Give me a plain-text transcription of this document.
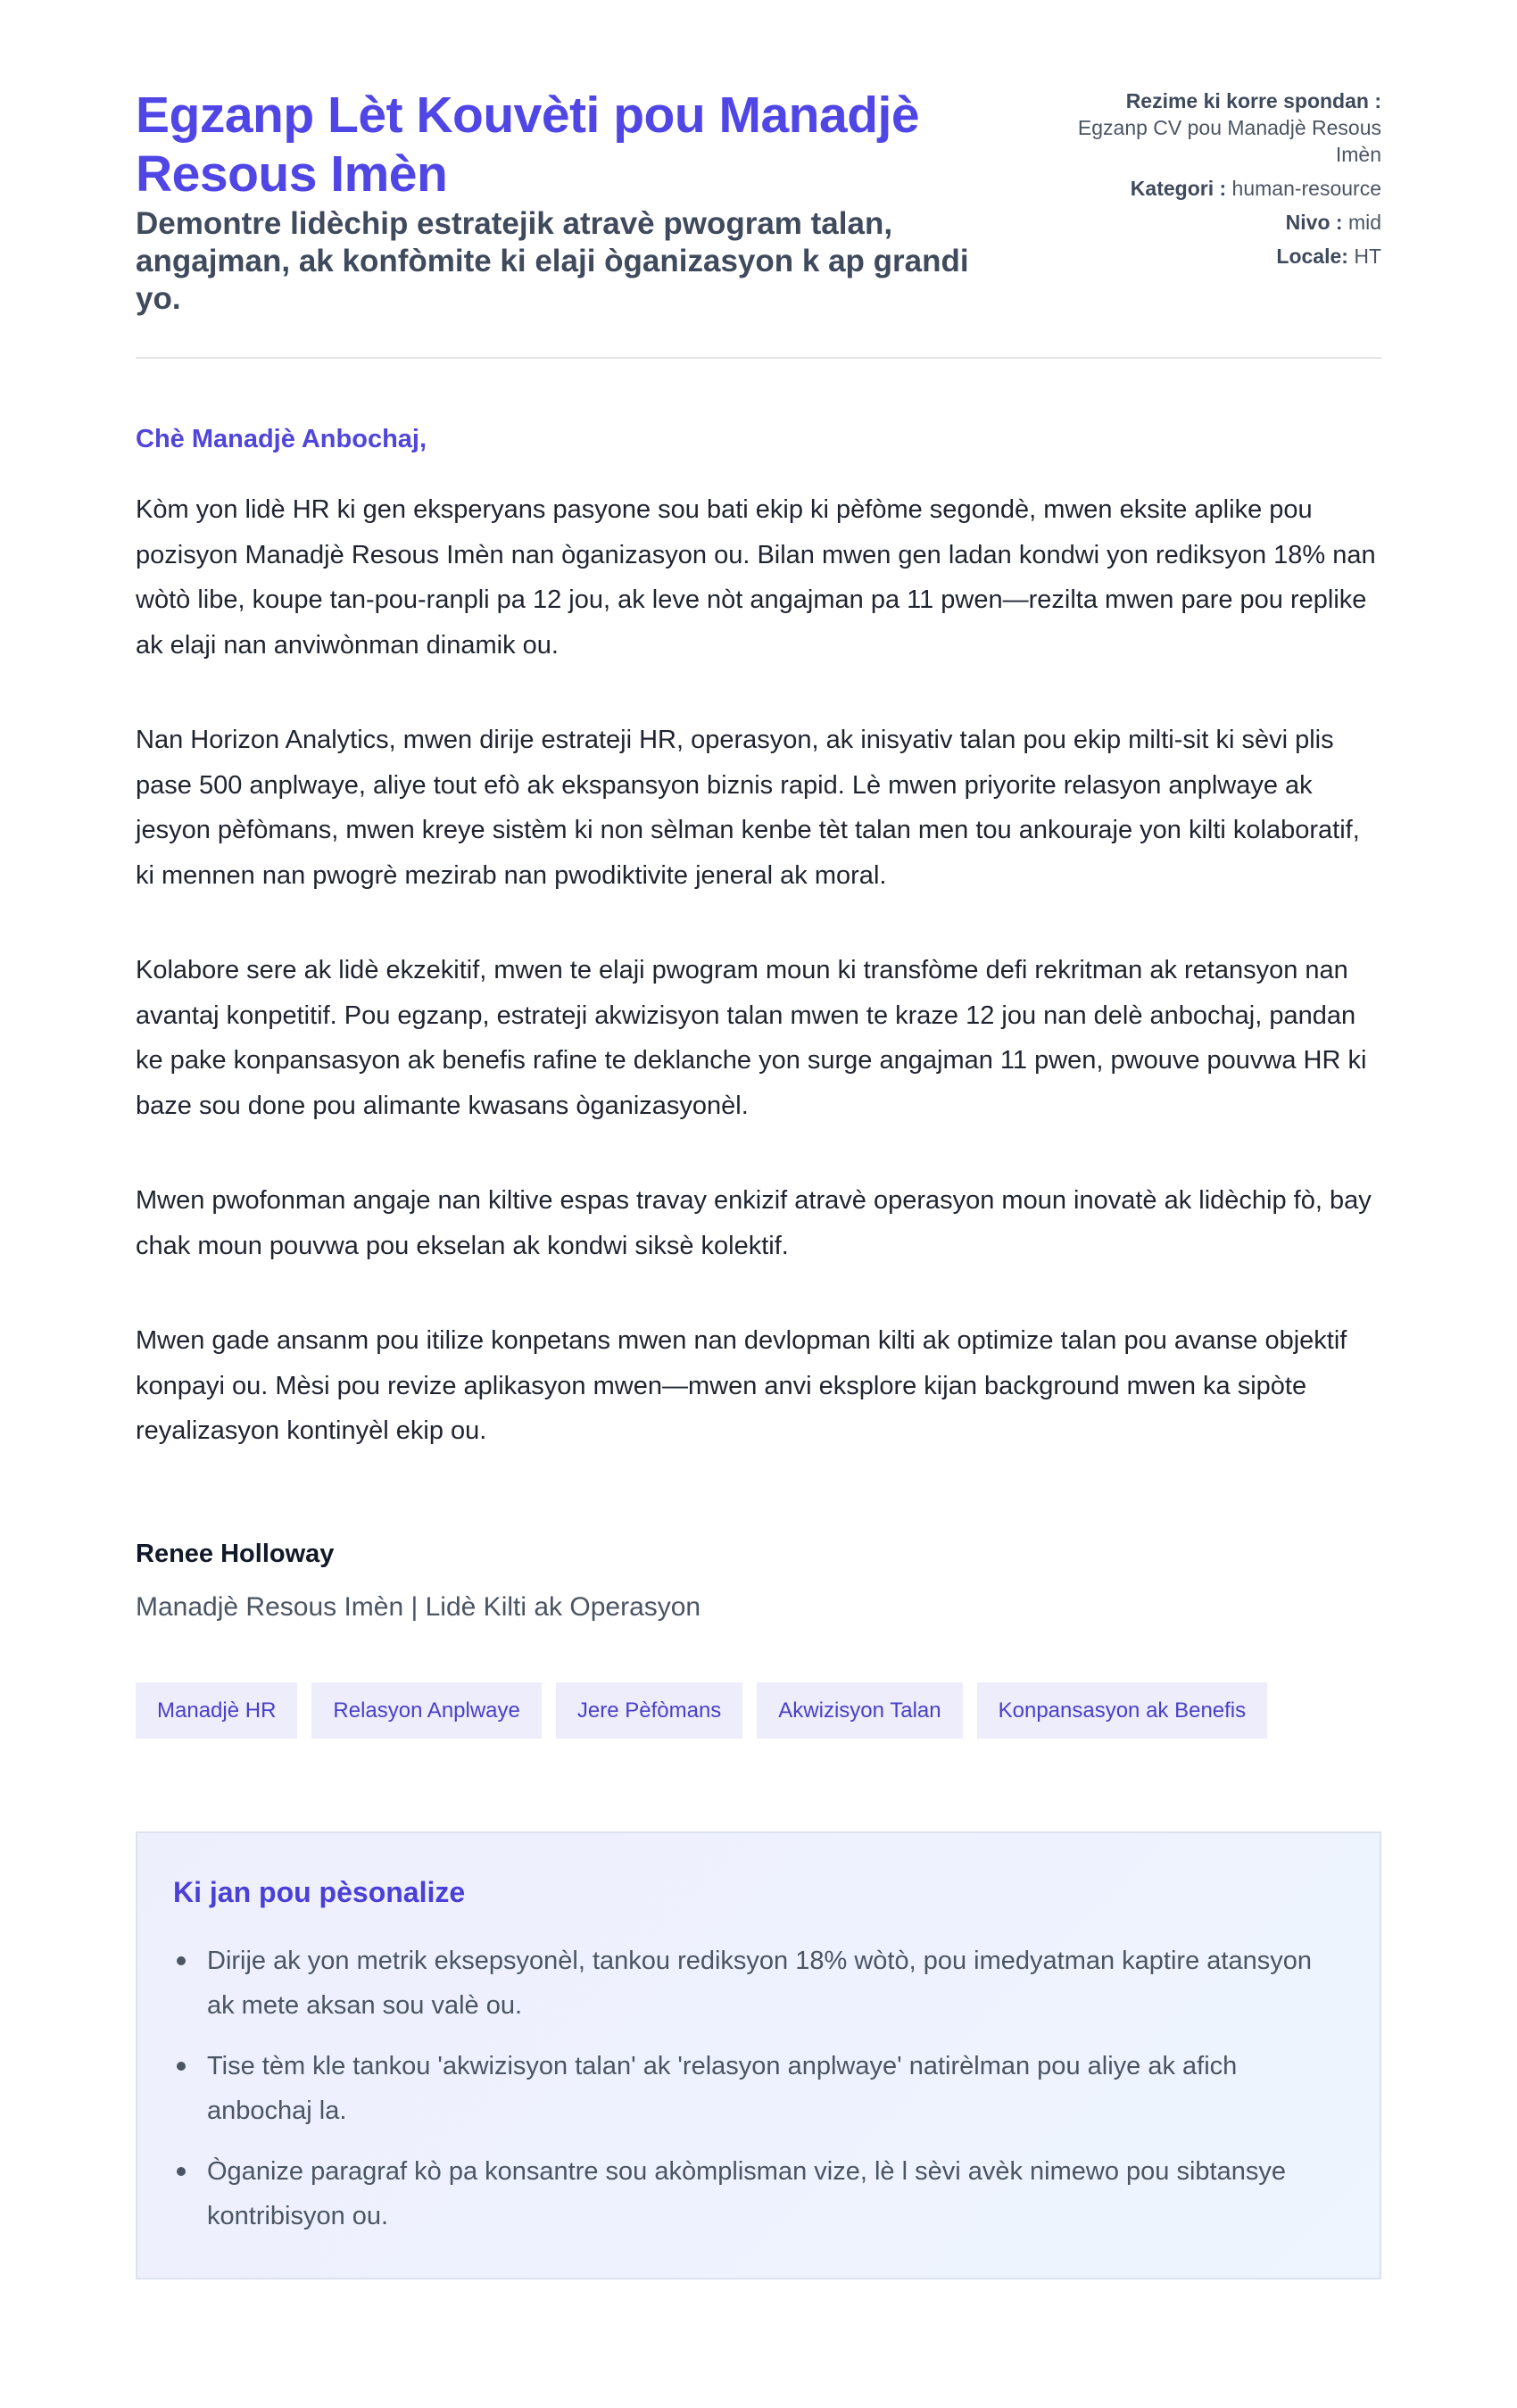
Egzanp Lèt Kouvèti pou Manadjè Resous Imèn

Demontre lidèchip estratejik atravè pwogram talan, angajman, ak konfòmite ki elaji òganizasyon k ap grandi yo.

Rezime ki korre spondan :
Egzanp CV pou Manadjè Resous Imèn
Kategori : human-resource
Nivo : mid
Locale: HT
Chè Manadjè Anbochaj,

Kòm yon lidè HR ki gen eksperyans pasyone sou bati ekip ki pèfòme segondè, mwen eksite aplike pou pozisyon Manadjè Resous Imèn nan òganizasyon ou. Bilan mwen gen ladan kondwi yon rediksyon 18% nan wòtò libe, koupe tan-pou-ranpli pa 12 jou, ak leve nòt angajman pa 11 pwen—rezilta mwen pare pou replike ak elaji nan anviwònman dinamik ou.

Nan Horizon Analytics, mwen dirije estrateji HR, operasyon, ak inisyativ talan pou ekip milti-sit ki sèvi plis pase 500 anplwaye, aliye tout efò ak ekspansyon biznis rapid. Lè mwen priyorite relasyon anplwaye ak jesyon pèfòmans, mwen kreye sistèm ki non sèlman kenbe tèt talan men tou ankouraje yon kilti kolaboratif, ki mennen nan pwogrè mezirab nan pwodiktivite jeneral ak moral.

Kolabore sere ak lidè ekzekitif, mwen te elaji pwogram moun ki transfòme defi rekritman ak retansyon nan avantaj konpetitif. Pou egzanp, estrateji akwizisyon talan mwen te kraze 12 jou nan delè anbochaj, pandan ke pake konpansasyon ak benefis rafine te deklanche yon surge angajman 11 pwen, pwouve pouvwa HR ki baze sou done pou alimante kwasans òganizasyonèl.

Mwen pwofonman angaje nan kiltive espas travay enkizif atravè operasyon moun inovatè ak lidèchip fò, bay chak moun pouvwa pou ekselan ak kondwi siksè kolektif.

Mwen gade ansanm pou itilize konpetans mwen nan devlopman kilti ak optimize talan pou avanse objektif konpayi ou. Mèsi pou revize aplikasyon mwen—mwen anvi eksplore kijan background mwen ka sipòte reyalizasyon kontinyèl ekip ou.

Renee Holloway
Manadjè Resous Imèn | Lidè Kilti ak Operasyon
Manadjè HR	Relasyon Anplwaye	Jere Pèfòmans	Akwizisyon Talan	Konpansasyon ak Benefis
Ki jan pou pèsonalize
Dirije ak yon metrik eksepsyonèl, tankou rediksyon 18% wòtò, pou imedyatman kaptire atansyon ak mete aksan sou valè ou.
Tise tèm kle tankou 'akwizisyon talan' ak 'relasyon anplwaye' natirèlman pou aliye ak afich anbochaj la.
Òganize paragraf kò pa konsantre sou akòmplisman vize, lè l sèvi avèk nimewo pou sibtansye kontribisyon ou.
